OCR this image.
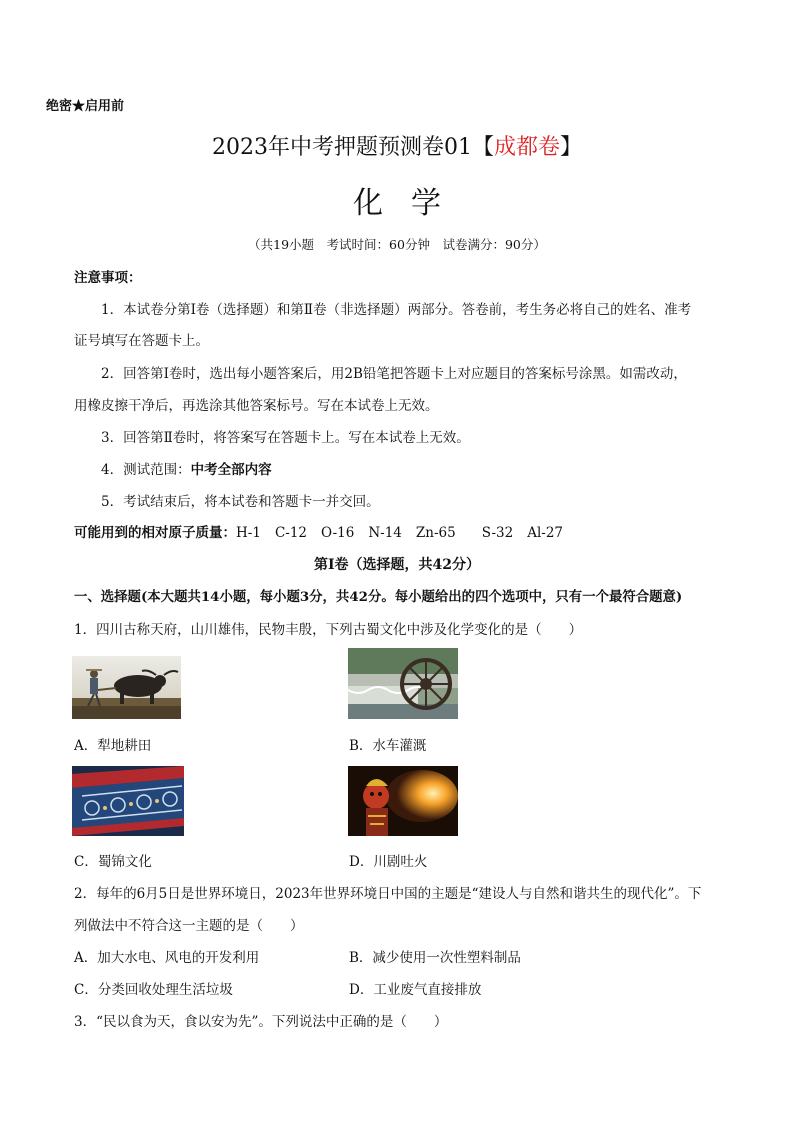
绝密★启用前
2023年中考押题预测卷01【成都卷】
化学
（共19小题　考试时间：60分钟　试卷满分：90分）
注意事项：
1．本试卷分第Ⅰ卷（选择题）和第Ⅱ卷（非选择题）两部分。答卷前，考生务必将自己的姓名、准考
证号填写在答题卡上。
2．回答第Ⅰ卷时，选出每小题答案后，用2B铅笔把答题卡上对应题目的答案标号涂黑。如需改动，
用橡皮擦干净后，再选涂其他答案标号。写在本试卷上无效。
3．回答第Ⅱ卷时，将答案写在答题卡上。写在本试卷上无效。
4．测试范围：中考全部内容
5．考试结束后，将本试卷和答题卡一并交回。
可能用到的相对原子质量：H-1 C-12 O-16 N-14 Zn-65 S-32 Al-27
第Ⅰ卷（选择题，共42分）
一、选择题(本大题共14小题，每小题3分，共42分。每小题给出的四个选项中，只有一个最符合题意)
1．四川古称天府，山川雄伟，民物丰殷，下列古蜀文化中涉及化学变化的是（　　）
A．犁地耕田	B．水车灌溉
C．蜀锦文化	D．川剧吐火
2．每年的6月5日是世界环境日，2023年世界环境日中国的主题是“建设人与自然和谐共生的现代化”。下
列做法中不符合这一主题的是（　　）
A．加大水电、风电的开发利用	B．减少使用一次性塑料制品
C．分类回收处理生活垃圾	D．工业废气直接排放
3．“民以食为天，食以安为先”。下列说法中正确的是（　　）
